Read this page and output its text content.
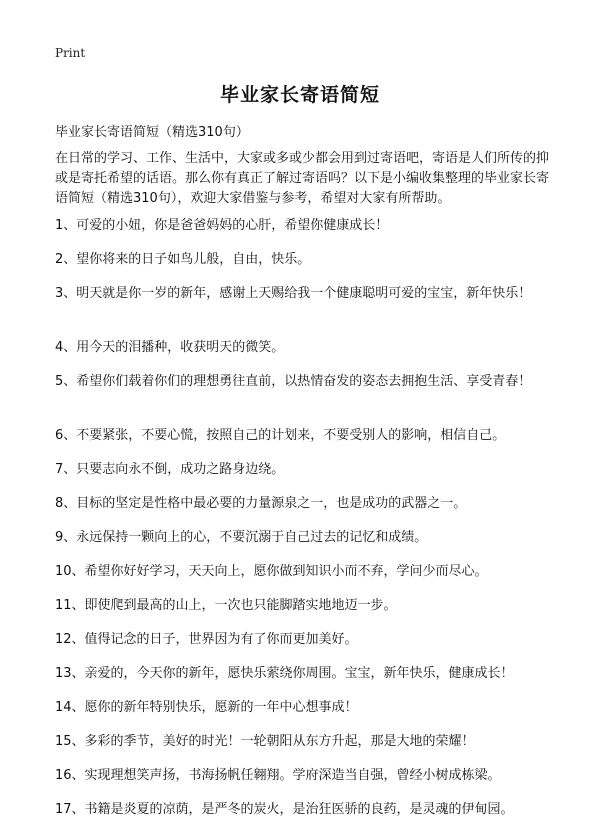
Print
毕业家长寄语简短
毕业家长寄语简短（精选310句）
在日常的学习、工作、生活中，大家或多或少都会用到过寄语吧，寄语是人们所传的抑或是寄托希望的话语。那么你有真正了解过寄语吗？以下是小编收集整理的毕业家长寄语简短（精选310句），欢迎大家借鉴与参考，希望对大家有所帮助。
1、可爱的小妞，你是爸爸妈妈的心肝，希望你健康成长！
2、望你将来的日子如鸟儿般，自由，快乐。
3、明天就是你一岁的新年，感谢上天赐给我一个健康聪明可爱的宝宝，新年快乐！
4、用今天的泪播种，收获明天的微笑。
5、希望你们载着你们的理想勇往直前，以热情奋发的姿态去拥抱生活、享受青春！
6、不要紧张，不要心慌，按照自己的计划来，不要受别人的影响，相信自己。
7、只要志向永不倒，成功之路身边绕。
8、目标的坚定是性格中最必要的力量源泉之一，也是成功的武器之一。
9、永远保持一颗向上的心，不要沉溺于自己过去的记忆和成绩。
10、希望你好好学习，天天向上，愿你做到知识小而不弃，学问少而尽心。
11、即使爬到最高的山上，一次也只能脚踏实地地迈一步。
12、值得记念的日子，世界因为有了你而更加美好。
13、亲爱的，今天你的新年，愿快乐萦绕你周围。宝宝，新年快乐，健康成长！
14、愿你的新年特别快乐，愿新的一年中心想事成！
15、多彩的季节，美好的时光！一轮朝阳从东方升起，那是大地的荣耀！
16、实现理想笑声扬，书海扬帆任翱翔。学府深造当自强，曾经小树成栋梁。
17、书籍是炎夏的凉荫，是严冬的炭火，是治狂医骄的良药，是灵魂的伊甸园。
